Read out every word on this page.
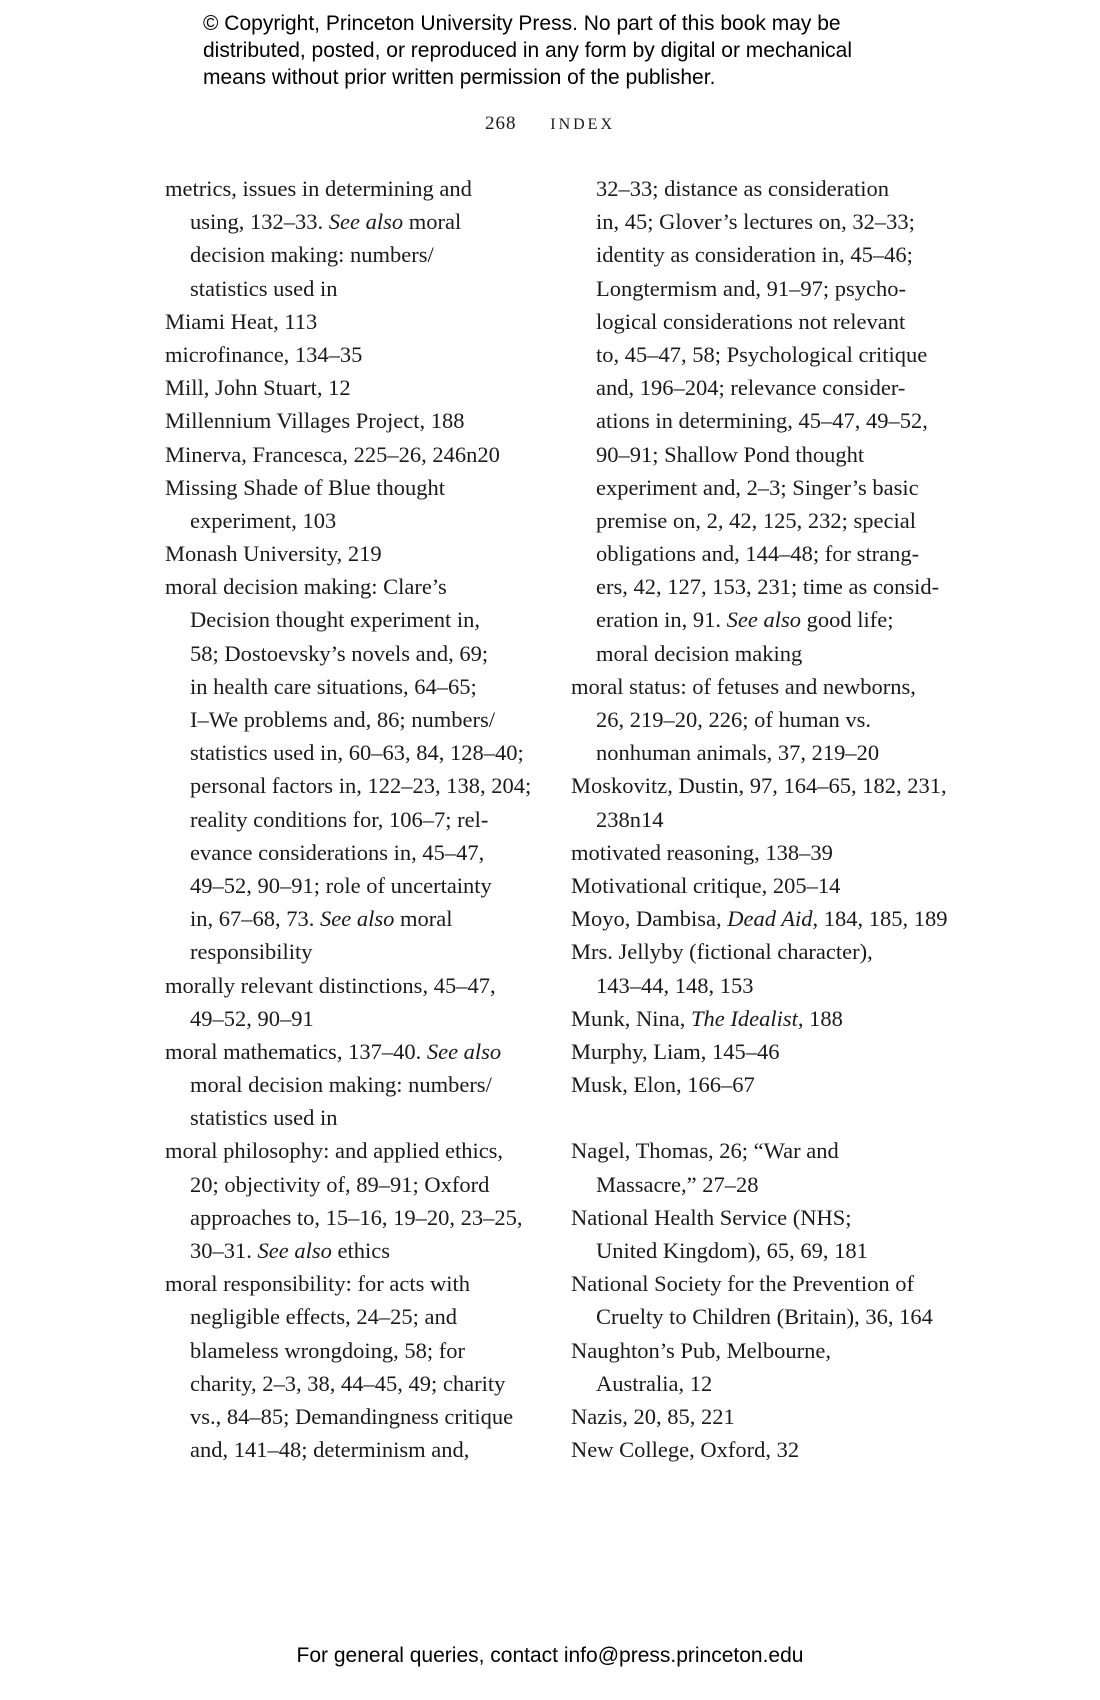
© Copyright, Princeton University Press. No part of this book may be
distributed, posted, or reproduced in any form by digital or mechanical
means without prior written permission of the publisher.
268 INDEX
metrics, issues in determining and
using, 132–33. See also moral
decision making: numbers/
statistics used in
Miami Heat, 113
microfinance, 134–35
Mill, John Stuart, 12
Millennium Villages Project, 188
Minerva, Francesca, 225–26, 246n20
Missing Shade of Blue thought
experiment, 103
Monash University, 219
moral decision making: Clare’s
Decision thought experiment in,
58; Dostoevsky’s novels and, 69;
in health care situations, 64–65;
I–We problems and, 86; numbers/
statistics used in, 60–63, 84, 128–40;
personal factors in, 122–23, 138, 204;
reality conditions for, 106–7; rel-
evance considerations in, 45–47,
49–52, 90–91; role of uncertainty
in, 67–68, 73. See also moral
responsibility
morally relevant distinctions, 45–47,
49–52, 90–91
moral mathematics, 137–40. See also
moral decision making: numbers/
statistics used in
moral philosophy: and applied ethics,
20; objectivity of, 89–91; Oxford
approaches to, 15–16, 19–20, 23–25,
30–31. See also ethics
moral responsibility: for acts with
negligible effects, 24–25; and
blameless wrongdoing, 58; for
charity, 2–3, 38, 44–45, 49; charity
vs., 84–85; Demandingness critique
and, 141–48; determinism and,
32–33; distance as consideration
in, 45; Glover’s lectures on, 32–33;
identity as consideration in, 45–46;
Longtermism and, 91–97; psycho-
logical considerations not relevant
to, 45–47, 58; Psychological critique
and, 196–204; relevance consider-
ations in determining, 45–47, 49–52,
90–91; Shallow Pond thought
experiment and, 2–3; Singer’s basic
premise on, 2, 42, 125, 232; special
obligations and, 144–48; for strang-
ers, 42, 127, 153, 231; time as consid-
eration in, 91. See also good life;
moral decision making
moral status: of fetuses and newborns,
26, 219–20, 226; of human vs.
nonhuman animals, 37, 219–20
Moskovitz, Dustin, 97, 164–65, 182, 231,
238n14
motivated reasoning, 138–39
Motivational critique, 205–14
Moyo, Dambisa, Dead Aid, 184, 185, 189
Mrs. Jellyby (fictional character),
143–44, 148, 153
Munk, Nina, The Idealist, 188
Murphy, Liam, 145–46
Musk, Elon, 166–67
Nagel, Thomas, 26; “War and
Massacre,” 27–28
National Health Service (NHS;
United Kingdom), 65, 69, 181
National Society for the Prevention of
Cruelty to Children (Britain), 36, 164
Naughton’s Pub, Melbourne,
Australia, 12
Nazis, 20, 85, 221
New College, Oxford, 32
For general queries, contact info@press.princeton.edu
